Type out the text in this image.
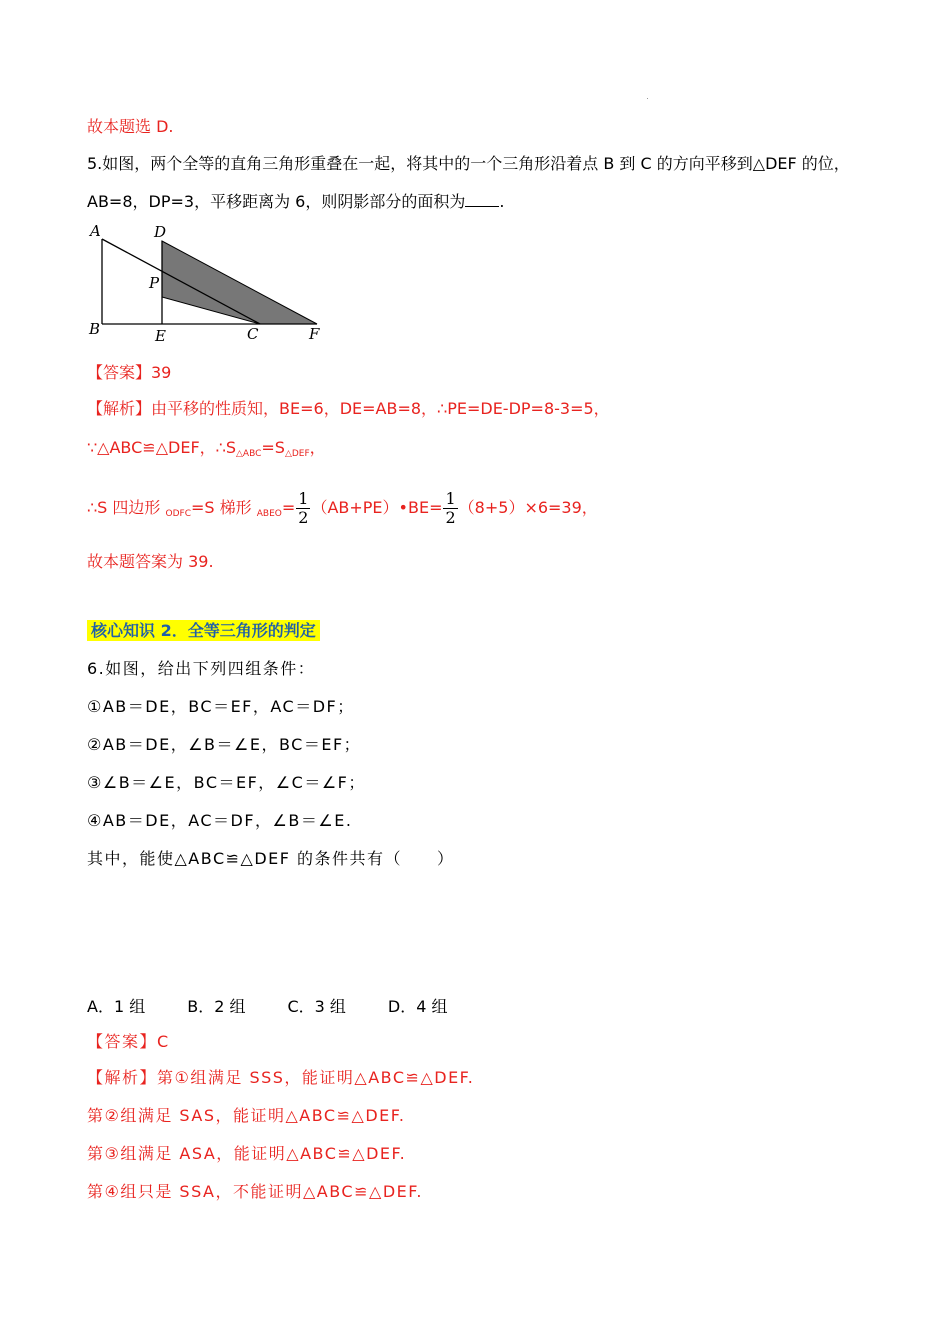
故本题选 D.
5.如图，两个全等的直角三角形重叠在一起，将其中的一个三角形沿着点 B 到 C 的方向平移到△DEF 的位，
AB=8，DP=3，平移距离为 6，则阴影部分的面积为 .
A	D
P
B	E	C	F
【答案】39
【解析】由平移的性质知，BE=6，DE=AB=8，∴PE=DE-DP=8-3=5，
∵△ABC≌△DEF，$\therefore S_{\triangle ABC}=S_{\triangle DEF}$，
∴S 四边形 $_{ODFC}$=S 梯形 $_{ABEO}= \frac{1}{2}$ （AB+PE）•BE= $\frac{1}{2} (8+5)\times 6=39$，
故本题答案为 39.
核心知识 2．全等三角形的判定
6.如图，给出下列四组条件：
①AB＝DE，BC＝EF，AC＝DF；
②AB＝DE，∠B＝∠E，BC＝EF；
③∠B＝∠E，BC＝EF，∠C＝∠F；
④AB＝DE，AC＝DF，∠B＝∠E.
其中，能使△ABC≌△DEF 的条件共有（　　）
A．1 组	B．2 组	C．3 组	D．4 组
【答案】C
【解析】第①组满足 SSS，能证明△ABC≌△DEF.
第②组满足 SAS，能证明△ABC≌△DEF.
第③组满足 ASA，能证明△ABC≌△DEF.
第④组只是 SSA，不能证明△ABC≌△DEF.
